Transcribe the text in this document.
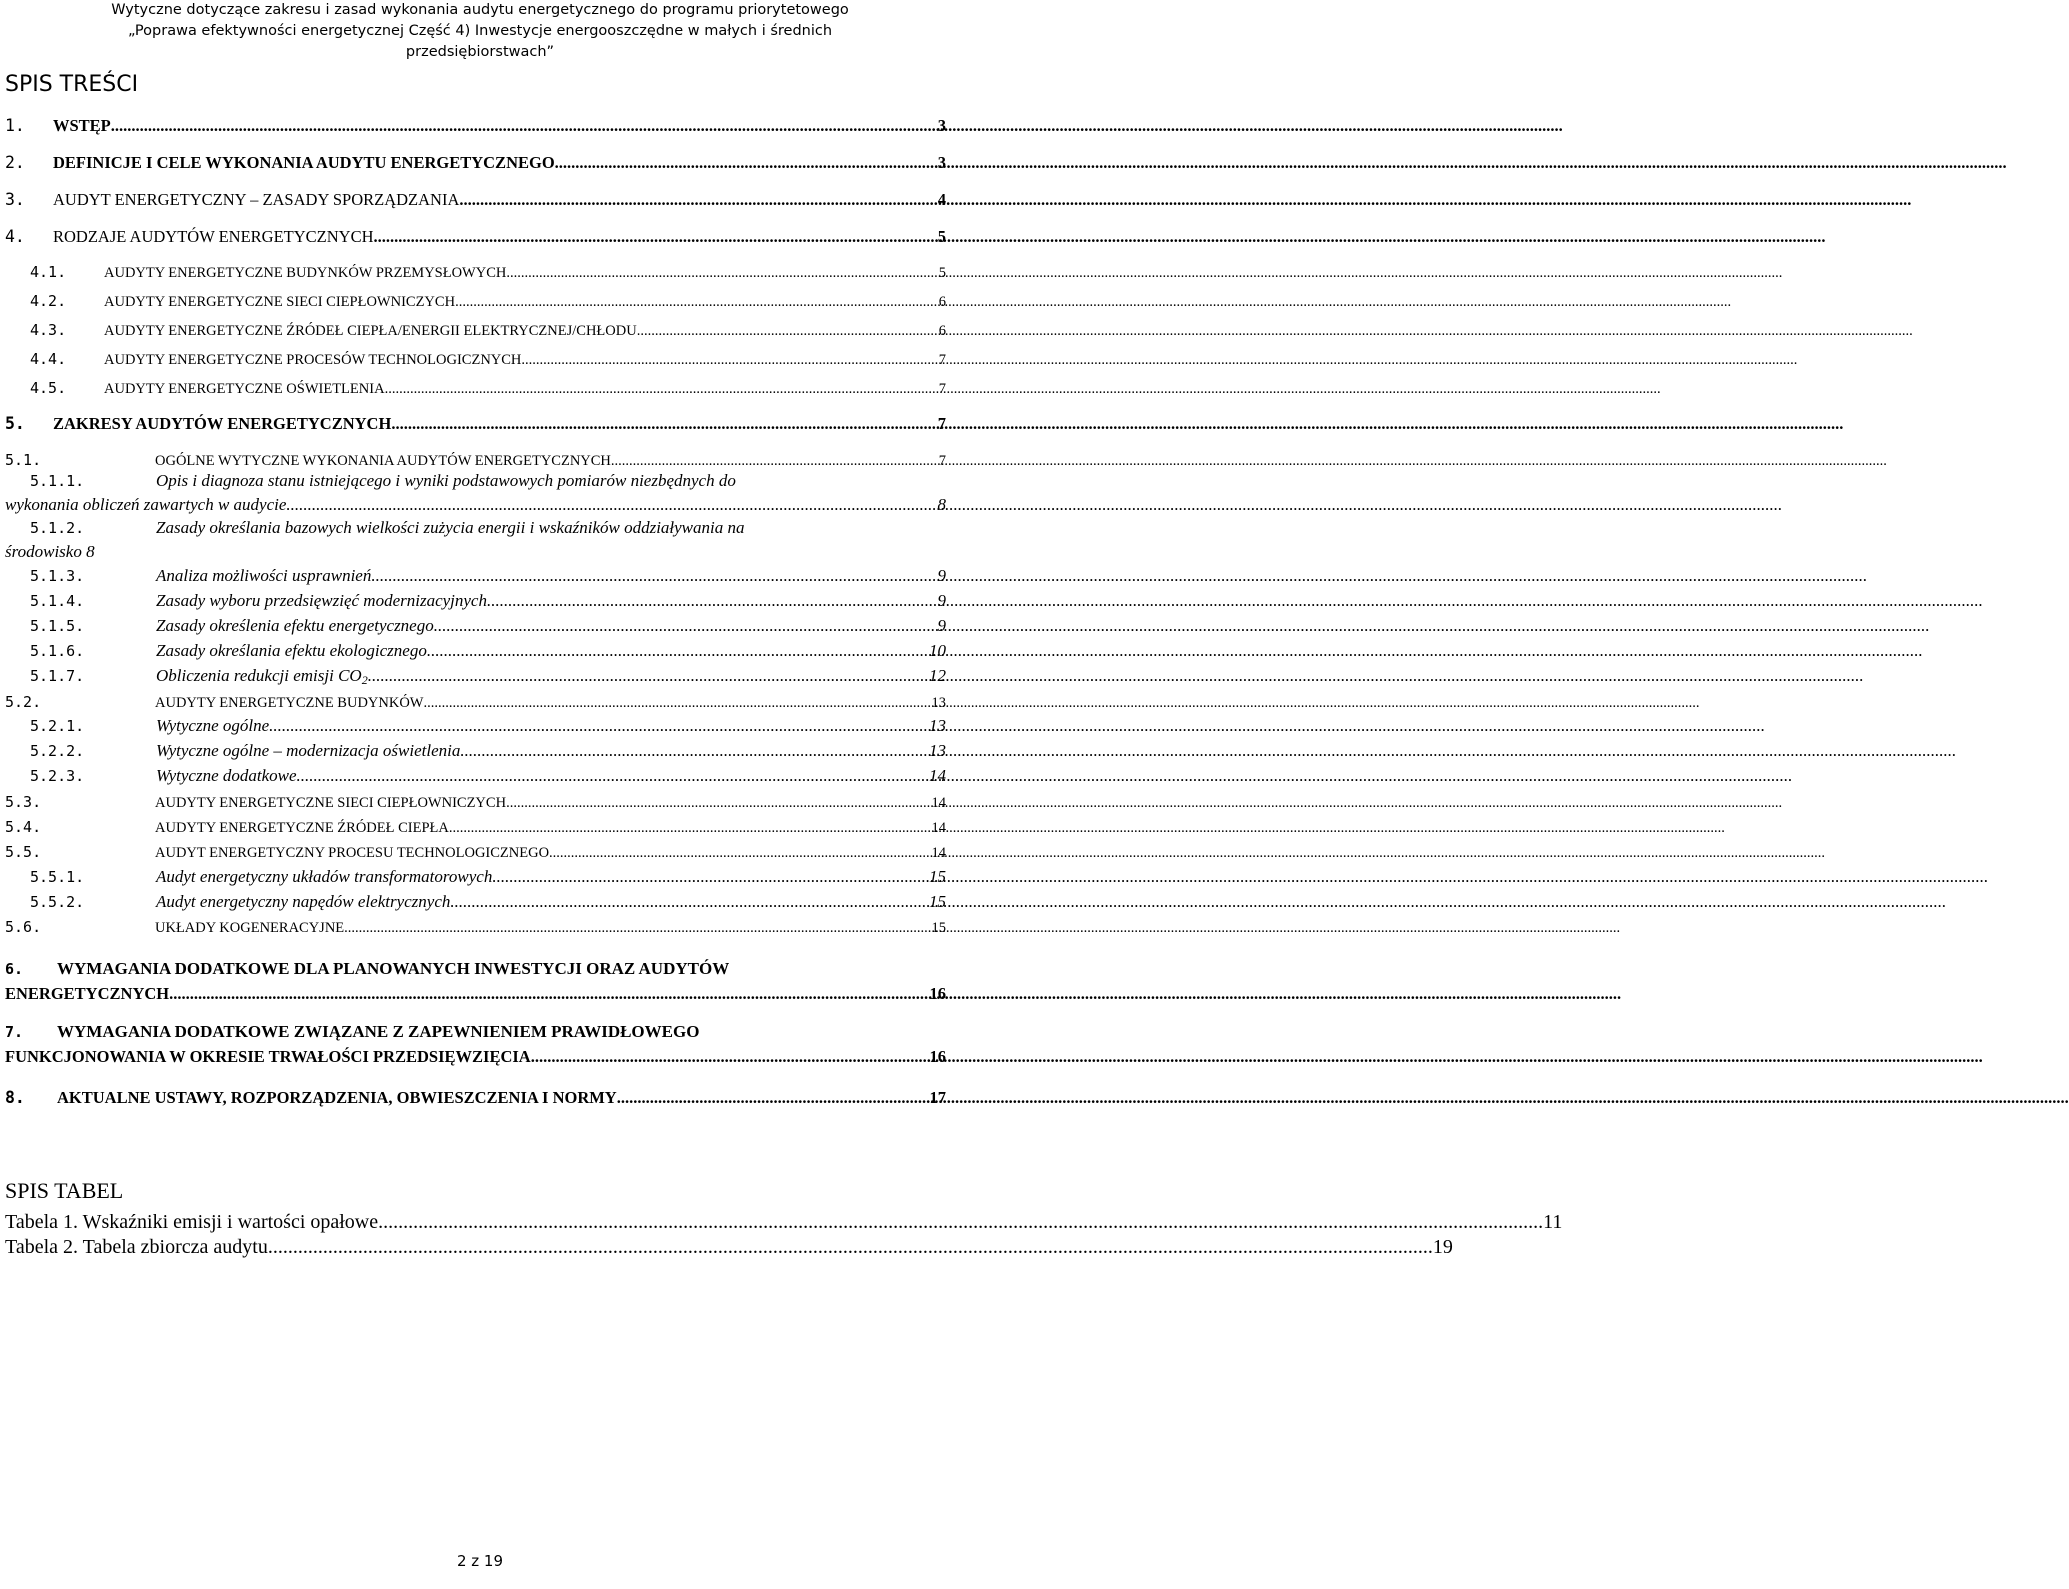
Wytyczne dotyczące zakresu i zasad wykonania audytu energetycznego do programu priorytetowego
„Poprawa efektywności energetycznej Część 4) Inwestycje energooszczędne w małych i średnich
przedsiębiorstwach”
SPIS TREŚCI
1.	WSTĘP .....	3
2.	DEFINICJE I CELE WYKONANIA AUDYTU ENERGETYCZNEGO .....	3
3.	AUDYT ENERGETYCZNY – ZASADY SPORZĄDZANIA .....	4
4.	RODZAJE AUDYTÓW ENERGETYCZNYCH .....	5
4.1.	AUDYTY ENERGETYCZNE BUDYNKÓW PRZEMYSŁOWYCH .....	5
4.2.	AUDYTY ENERGETYCZNE SIECI CIEPŁOWNICZYCH .....	6
4.3.	AUDYTY ENERGETYCZNE ŹRÓDEŁ CIEPŁA/ENERGII ELEKTRYCZNEJ/CHŁODU .....	6
4.4.	AUDYTY ENERGETYCZNE PROCESÓW TECHNOLOGICZNYCH .....	7
4.5.	AUDYTY ENERGETYCZNE OŚWIETLENIA .....	7
5.	ZAKRESY AUDYTÓW ENERGETYCZNYCH .....	7
5.1.	OGÓLNE WYTYCZNE WYKONANIA AUDYTÓW ENERGETYCZNYCH .....	7
5.1.1.	Opis i diagnoza stanu istniejącego i wyniki podstawowych pomiarów niezbędnych do
wykonania obliczeń zawartych w audycie .....	8
5.1.2.	Zasady określania bazowych wielkości zużycia energii i wskaźników oddziaływania na
środowisko 8
5.1.3.	Analiza możliwości usprawnień .....	9
5.1.4.	Zasady wyboru przedsięwzięć modernizacyjnych .....	9
5.1.5.	Zasady określenia efektu energetycznego .....	9
5.1.6.	Zasady określania efektu ekologicznego .....	10
5.1.7.	Obliczenia redukcji emisji $CO_2$ .....	12
5.2.	AUDYTY ENERGETYCZNE BUDYNKÓW .....	13
5.2.1.	Wytyczne ogólne .....	13
5.2.2.	Wytyczne ogólne – modernizacja oświetlenia .....	13
5.2.3.	Wytyczne dodatkowe .....	14
5.3.	AUDYTY ENERGETYCZNE SIECI CIEPŁOWNICZYCH .....	14
5.4.	AUDYTY ENERGETYCZNE ŹRÓDEŁ CIEPŁA .....	14
5.5.	AUDYT ENERGETYCZNY PROCESU TECHNOLOGICZNEGO .....	14
5.5.1.	Audyt energetyczny układów transformatorowych .....	15
5.5.2.	Audyt energetyczny napędów elektrycznych .....	15
5.6.	UKŁADY KOGENERACYJNE .....	15
6. WYMAGANIA DODATKOWE DLA PLANOWANYCH INWESTYCJI ORAZ AUDYTÓW
ENERGETYCZNYCH .....	16
7. WYMAGANIA DODATKOWE ZWIĄZANE Z ZAPEWNIENIEM PRAWIDŁOWEGO
FUNKCJONOWANIA W OKRESIE TRWAŁOŚCI PRZEDSIĘWZIĘCIA .....	16
8.	AKTUALNE USTAWY, ROZPORZĄDZENIA, OBWIESZCZENIA I NORMY .....	17
SPIS TABEL
Tabela 1. Wskaźniki emisji i wartości opałowe. .....	11
Tabela 2. Tabela zbiorcza audytu. .....	19
2 z 19
